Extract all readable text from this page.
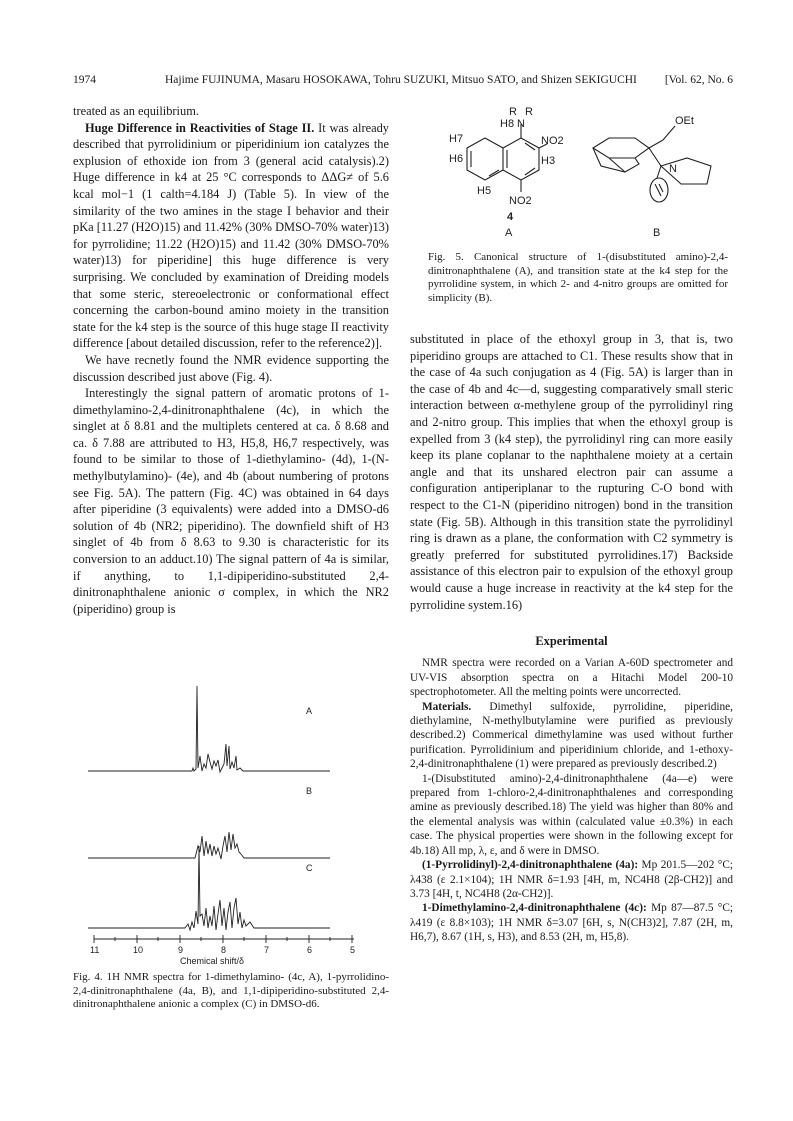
1974	Hajime FUJINUMA, Masaru HOSOKAWA, Tohru SUZUKI, Mitsuo SATO, and Shizen SEKIGUCHI [Vol. 62, No. 6

treated as an equilibrium.

Huge Difference in Reactivities of Stage II. It was already described that pyrrolidinium or piperidinium ion catalyzes the explusion of ethoxide ion from 3 (general acid catalysis).2) Huge difference in k4 at 25 °C corresponds to ΔΔG≠ of 5.6 kcal mol−1 (1 calth=4.184 J) (Table 5). In view of the similarity of the two amines in the stage I behavior and their pKa [11.27 (H2O)15) and 11.42% (30% DMSO-70% water)13) for pyrrolidine; 11.22 (H2O)15) and 11.42 (30% DMSO-70% water)13) for piperidine] this huge difference is very surprising. We concluded by examination of Dreiding models that some steric, stereoelectronic or conformational effect concerning the carbon-bound amino moiety in the transition state for the k4 step is the source of this huge stage II reactivity difference [about detailed discussion, refer to the reference2)].

We have recnetly found the NMR evidence supporting the discussion described just above (Fig. 4).

Interestingly the signal pattern of aromatic protons of 1-dimethylamino-2,4-dinitronaphthalene (4c), in which the singlet at δ 8.81 and the multiplets centered at ca. δ 8.68 and ca. δ 7.88 are attributed to H3, H5,8, H6,7 respectively, was found to be similar to those of 1-diethylamino- (4d), 1-(N-methylbutylamino)- (4e), and 4b (about numbering of protons see Fig. 5A). The pattern (Fig. 4C) was obtained in 64 days after piperidine (3 equivalents) were added into a DMSO-d6 solution of 4b (NR2; piperidino). The downfield shift of H3 singlet of 4b from δ 8.63 to 9.30 is characteristic for its conversion to an adduct.10) The signal pattern of 4a is similar, if anything, to 1,1-dipiperidino-substituted 2,4-dinitronaphthalene anionic σ complex, in which the NR2 (piperidino) group is

A
B
C
11	10	9	8	7	6	5
Chemical shift/δ
Fig. 4. 1H NMR spectra for 1-dimethylamino- (4c, A), 1-pyrrolidino-2,4-dinitronaphthalene (4a, B), and 1,1-dipiperidino-substituted 2,4-dinitronaphthalene anionic a complex (C) in DMSO-d6.
R R
H8 N
H7	NO2
H6	H3
H5
NO2
OEt
N
4
A	B
Fig. 5. Canonical structure of 1-(disubstituted amino)-2,4-dinitronaphthalene (A), and transition state at the k4 step for the pyrrolidine system, in which 2- and 4-nitro groups are omitted for simplicity (B).

substituted in place of the ethoxyl group in 3, that is, two piperidino groups are attached to C1. These results show that in the case of 4a such conjugation as 4 (Fig. 5A) is larger than in the case of 4b and 4c—d, suggesting comparatively small steric interaction between α-methylene group of the pyrrolidinyl ring and 2-nitro group. This implies that when the ethoxyl group is expelled from 3 (k4 step), the pyrrolidinyl ring can more easily keep its plane coplanar to the naphthalene moiety at a certain angle and that its unshared electron pair can assume a configuration antiperiplanar to the rupturing C-O bond with respect to the C1-N (piperidino nitrogen) bond in the transition state (Fig. 5B). Although in this transition state the pyrrolidinyl ring is drawn as a plane, the conformation with C2 symmetry is greatly preferred for substituted pyrrolidines.17) Backside assistance of this electron pair to expulsion of the ethoxyl group would cause a huge increase in reactivity at the k4 step for the pyrrolidine system.16)

Experimental

NMR spectra were recorded on a Varian A-60D spectrometer and UV-VIS absorption spectra on a Hitachi Model 200-10 spectrophotometer. All the melting points were uncorrected.

Materials. Dimethyl sulfoxide, pyrrolidine, piperidine, diethylamine, N-methylbutylamine were purified as previously described.2) Commerical dimethylamine was used without further purification. Pyrrolidinium and piperidinium chloride, and 1-ethoxy-2,4-dinitronaphthalene (1) were prepared as previously described.2)

1-(Disubstituted amino)-2,4-dinitronaphthalene (4a—e) were prepared from 1-chloro-2,4-dinitronaphthalenes and corresponding amine as previously described.18) The yield was higher than 80% and the elemental analysis was within (calculated value ±0.3%) in each case. The physical properties were shown in the following except for 4b.18) All mp, λ, ε, and δ were in DMSO.

(1-Pyrrolidinyl)-2,4-dinitronaphthalene (4a): Mp 201.5—202 °C; λ438 (ε 2.1×104); 1H NMR δ=1.93 [4H, m, NC4H8 (2β-CH2)] and 3.73 [4H, t, NC4H8 (2α-CH2)].

1-Dimethylamino-2,4-dinitronaphthalene (4c): Mp 87—87.5 °C; λ419 (ε 8.8×103); 1H NMR δ=3.07 [6H, s, N(CH3)2], 7.87 (2H, m, H6,7), 8.67 (1H, s, H3), and 8.53 (2H, m, H5,8).
